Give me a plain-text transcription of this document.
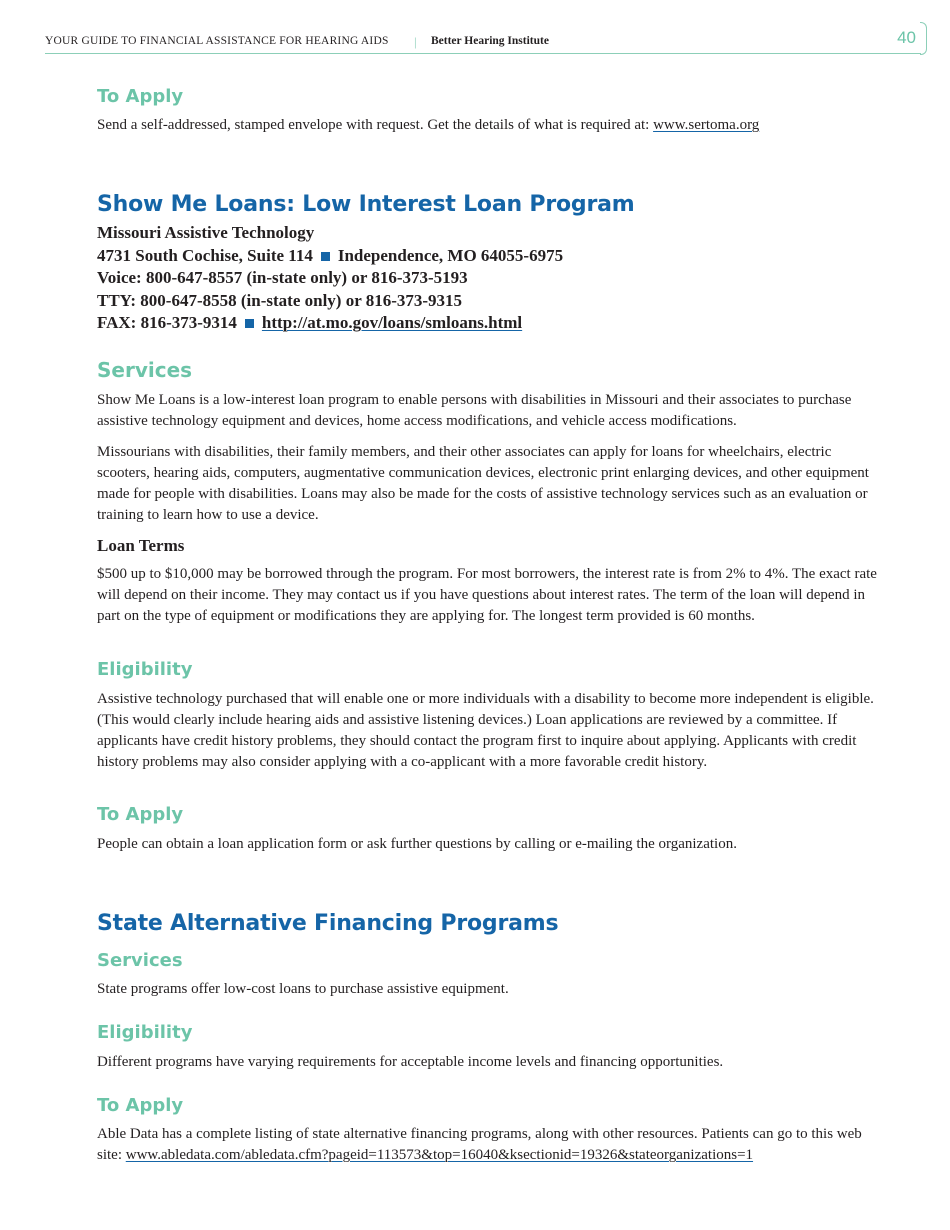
YOUR GUIDE TO FINANCIAL ASSISTANCE FOR HEARING AIDS | Better Hearing Institute	40
To Apply

Send a self-addressed, stamped envelope with request. Get the details of what is required at: www.sertoma.org

Show Me Loans: Low Interest Loan Program
Missouri Assistive Technology
4731 South Cochise, Suite 114 Independence, MO 64055-6975
Voice: 800-647-8557 (in-state only) or 816-373-5193
TTY: 800-647-8558 (in-state only) or 816-373-9315
FAX: 816-373-9314 http://at.mo.gov/loans/smloans.html
Services

Show Me Loans is a low-interest loan program to enable persons with disabilities in Missouri and their associates to purchase assistive technology equipment and devices, home access modifications, and vehicle access modifications.

Missourians with disabilities, their family members, and their other associates can apply for loans for wheelchairs, electric scooters, hearing aids, computers, augmentative communication devices, electronic print enlarging devices, and other equipment made for people with disabilities. Loans may also be made for the costs of assistive technology services such as an evaluation or training to learn how to use a device.

Loan Terms

$500 up to $10,000 may be borrowed through the program. For most borrowers, the interest rate is from 2% to 4%. The exact rate will depend on their income. They may contact us if you have questions about interest rates. The term of the loan will depend in part on the type of equipment or modifications they are applying for. The longest term provided is 60 months.

Eligibility

Assistive technology purchased that will enable one or more individuals with a disability to become more independent is eligible. (This would clearly include hearing aids and assistive listening devices.) Loan applications are reviewed by a committee. If applicants have credit history problems, they should contact the program first to inquire about applying. Applicants with credit history problems may also consider applying with a co-applicant with a more favorable credit history.

To Apply

People can obtain a loan application form or ask further questions by calling or e-mailing the organization.

State Alternative Financing Programs
Services

State programs offer low-cost loans to purchase assistive equipment.

Eligibility

Different programs have varying requirements for acceptable income levels and financing opportunities.

To Apply

Able Data has a complete listing of state alternative financing programs, along with other resources. Patients can go to this web site: www.abledata.com/abledata.cfm?pageid=113573&top=16040&ksectionid=19326&stateorganizations=1
